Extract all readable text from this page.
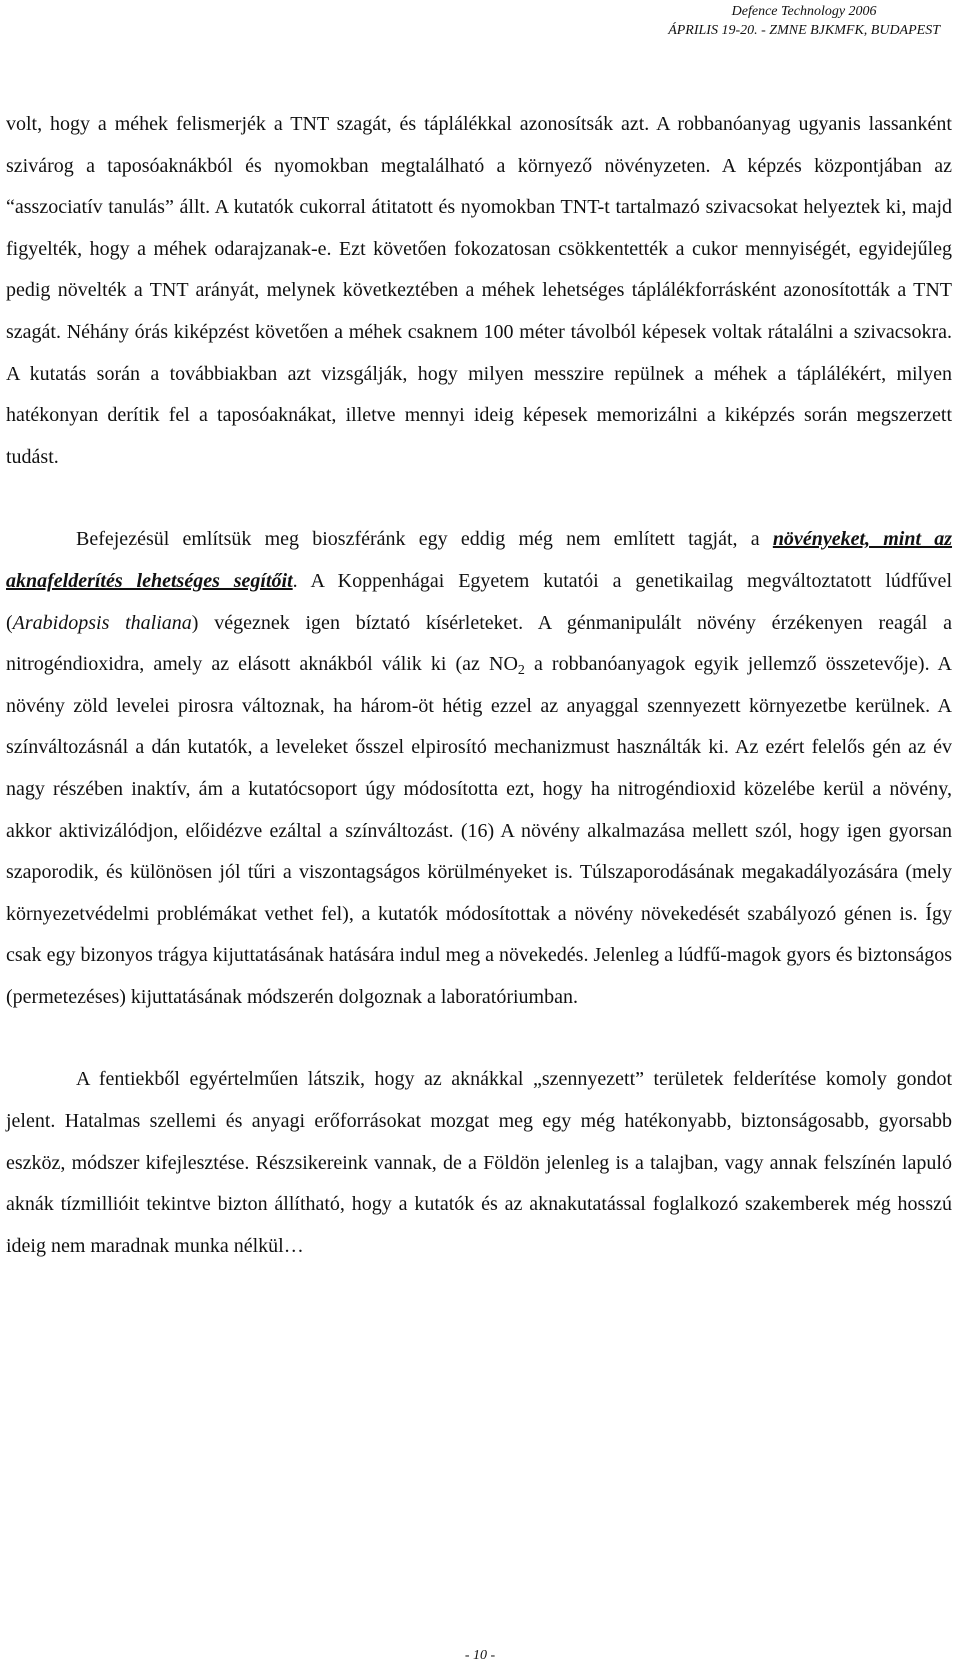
Defence Technology 2006
ÁPRILIS 19-20. - ZMNE BJKMFK, BUDAPEST

volt, hogy a méhek felismerjék a TNT szagát, és táplálékkal azonosítsák azt. A robbanóanyag ugyanis lassanként szivárog a taposóaknákból és nyomokban megtalálható a környező növényzeten. A képzés központjában az “asszociatív tanulás” állt. A kutatók cukorral átitatott és nyomokban TNT-t tartalmazó szivacsokat helyeztek ki, majd figyelték, hogy a méhek odarajzanak-e. Ezt követően fokozatosan csökkentették a cukor mennyiségét, egyidejűleg pedig növelték a TNT arányát, melynek következtében a méhek lehetséges táplálékforrásként azonosították a TNT szagát. Néhány órás kiképzést követően a méhek csaknem 100 méter távolból képesek voltak rátalálni a szivacsokra. A kutatás során a továbbiakban azt vizsgálják, hogy milyen messzire repülnek a méhek a táplálékért, milyen hatékonyan derítik fel a taposóaknákat, illetve mennyi ideig képesek memorizálni a kiképzés során megszerzett tudást.

Befejezésül említsük meg bioszféránk egy eddig még nem említett tagját, a növényeket, mint az aknafelderítés lehetséges segítőit. A Koppenhágai Egyetem kutatói a genetikailag megváltoztatott lúdfűvel (Arabidopsis thaliana) végeznek igen bíztató kísérleteket. A génmanipulált növény érzékenyen reagál a nitrogéndioxidra, amely az elásott aknákból válik ki (az $NO_2$ a robbanóanyagok egyik jellemző összetevője). A növény zöld levelei pirosra változnak, ha három-öt hétig ezzel az anyaggal szennyezett környezetbe kerülnek. A színváltozásnál a dán kutatók, a leveleket ősszel elpirosító mechanizmust használták ki. Az ezért felelős gén az év nagy részében inaktív, ám a kutatócsoport úgy módosította ezt, hogy ha nitrogéndioxid közelébe kerül a növény, akkor aktivizálódjon, előidézve ezáltal a színváltozást. (16) A növény alkalmazása mellett szól, hogy igen gyorsan szaporodik, és különösen jól tűri a viszontagságos körülményeket is. Túlszaporodásának megakadályozására (mely környezetvédelmi problémákat vethet fel), a kutatók módosítottak a növény növekedését szabályozó génen is. Így csak egy bizonyos trágya kijuttatásának hatására indul meg a növekedés. Jelenleg a lúdfű-magok gyors és biztonságos (permetezéses) kijuttatásának módszerén dolgoznak a laboratóriumban.

A fentiekből egyértelműen látszik, hogy az aknákkal „szennyezett” területek felderítése komoly gondot jelent. Hatalmas szellemi és anyagi erőforrásokat mozgat meg egy még hatékonyabb, biztonságosabb, gyorsabb eszköz, módszer kifejlesztése. Részsikereink vannak, de a Földön jelenleg is a talajban, vagy annak felszínén lapuló aknák tízmillióit tekintve bizton állítható, hogy a kutatók és az aknakutatással foglalkozó szakemberek még hosszú ideig nem maradnak munka nélkül…

- 10 -
